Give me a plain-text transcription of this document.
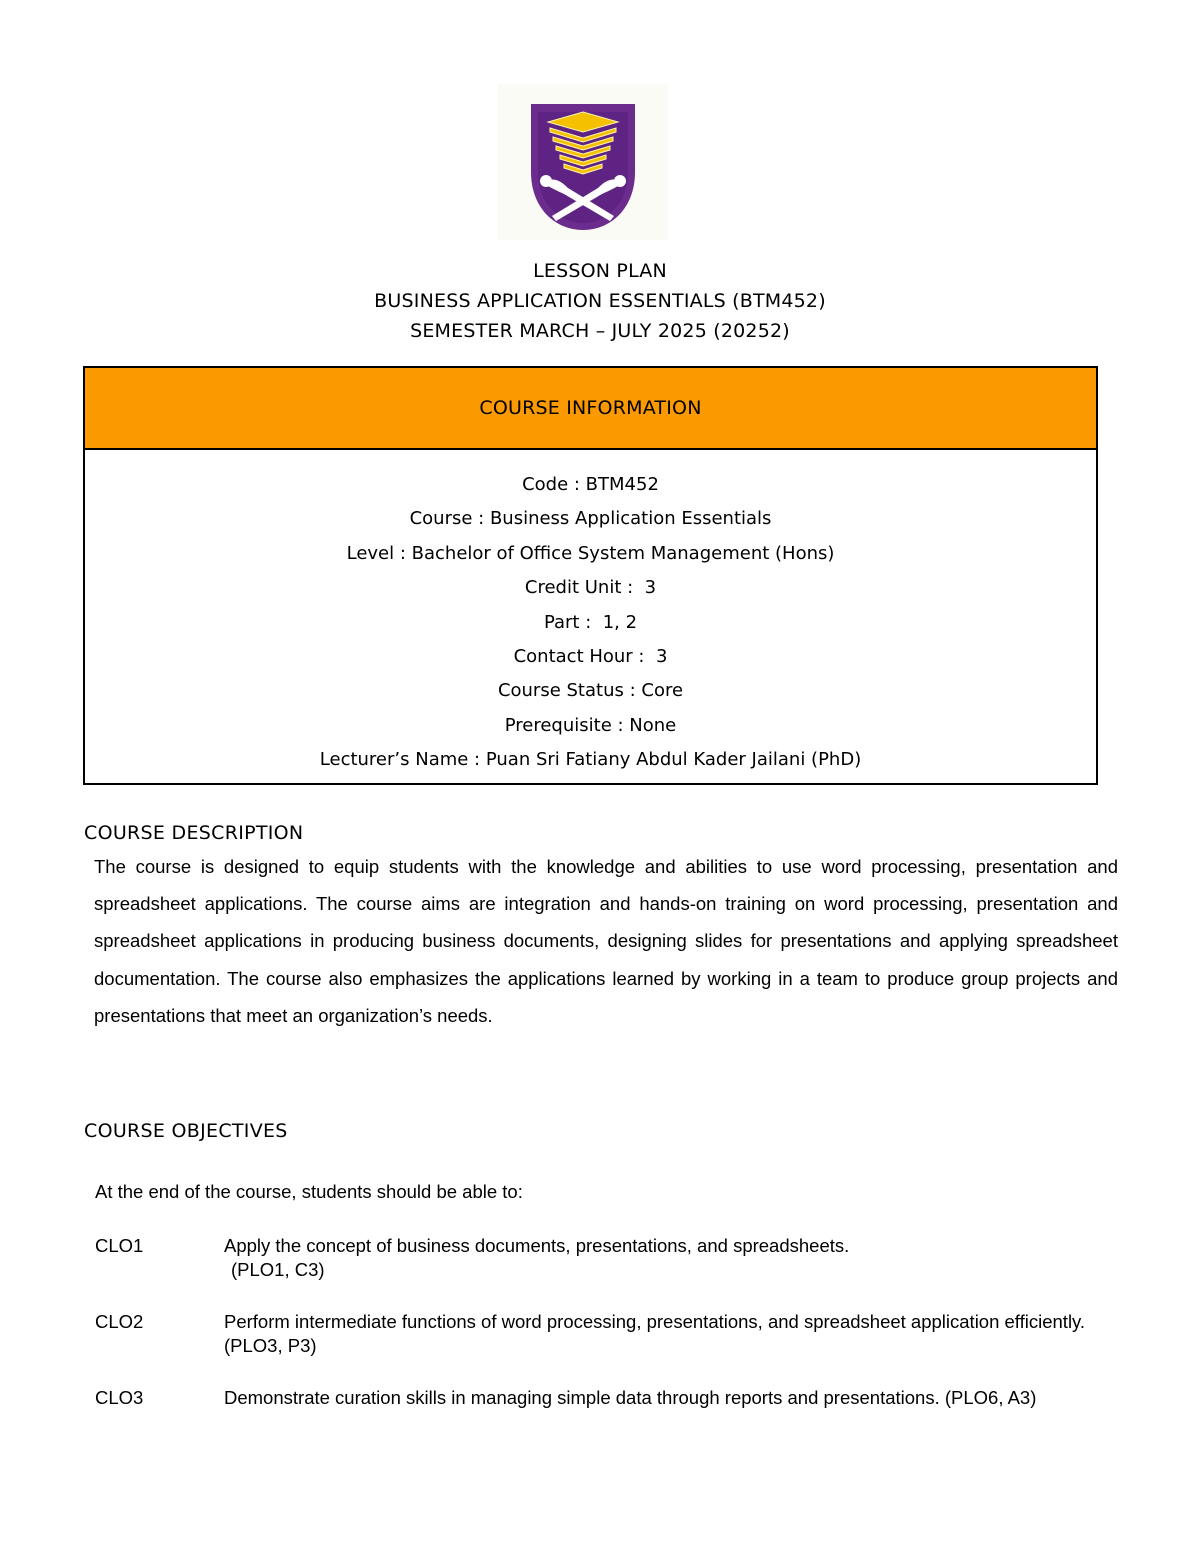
LESSON PLAN
BUSINESS APPLICATION ESSENTIALS (BTM452)
SEMESTER MARCH – JULY 2025 (20252)
COURSE INFORMATION
Code : BTM452
Course : Business Application Essentials
Level : Bachelor of Office System Management (Hons)
Credit Unit :  3
Part :  1, 2
Contact Hour :  3
Course Status : Core
Prerequisite : None
Lecturer’s Name : Puan Sri Fatiany Abdul Kader Jailani (PhD)
COURSE DESCRIPTION
The course is designed to equip students with the knowledge and abilities to use word processing, presentation and spreadsheet applications. The course aims are integration and hands-on training on word processing, presentation and spreadsheet applications in producing business documents, designing slides for presentations and applying spreadsheet documentation. The course also emphasizes the applications learned by working in a team to produce group projects and presentations that meet an organization’s needs.
COURSE OBJECTIVES
At the end of the course, students should be able to:
CLO1	Apply the concept of business documents, presentations, and spreadsheets.
(PLO1, C3)
CLO2	Perform intermediate functions of word processing, presentations, and spreadsheet application efficiently. (PLO3, P3)
CLO3	Demonstrate curation skills in managing simple data through reports and presentations. (PLO6, A3)
